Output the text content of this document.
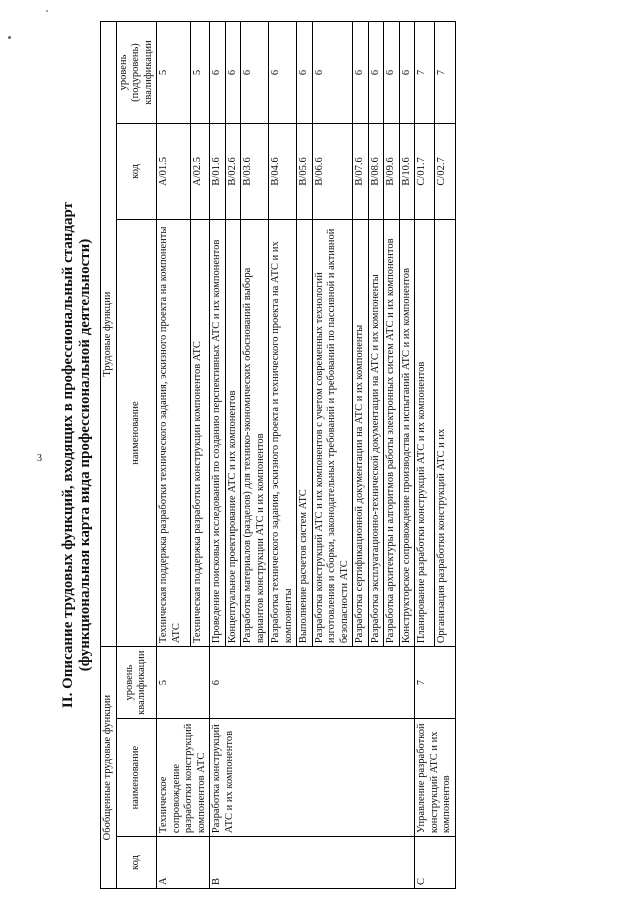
3 II. Описание трудовых функций, входящих в профессиональный стандарт (функциональная карта вида профессиональной деятельности)

Обобщенные трудовые функции			Трудовые функции		
код	наименование	уровень квалификации	наименование	код	уровень (подуровень) квалификации
A	Техническое сопровождение разработки конструкций компонентов АТС	5	Техническая поддержка разработки технического задания, эскизного проекта на компоненты АТС	A/01.5	5
			Техническая поддержка разработки конструкции компонентов АТС	A/02.5	5
B	Разработка конструкций АТС и их компонентов	6	Проведение поисковых исследований по созданию перспективных АТС и их компонентов	B/01.6	6
			Концептуальное проектирование АТС и их компонентов	B/02.6	6
			Разработка материалов (разделов) для технико-экономических обоснований выбора вариантов конструкции АТС и их компонентов	B/03.6	6
			Разработка технического задания, эскизного проекта и технического проекта на АТС и их компоненты	B/04.6	6
			Выполнение расчетов систем АТС	B/05.6	6
			Разработка конструкций АТС и их компонентов с учетом современных технологий изготовления и сборки, законодательных требований и требований по пассивной и активной безопасности АТС	B/06.6	6
			Разработка сертификационной документации на АТС и их компоненты	B/07.6	6
			Разработка эксплуатационно-технической документации на АТС и их компоненты	B/08.6	6
			Разработка архитектуры и алгоритмов работы электронных систем АТС и их компонентов	B/09.6	6
			Конструкторское сопровождение производства и испытаний АТС и их компонентов	B/10.6	6
C	Управление разработкой конструкций АТС и их компонентов	7	Планирование разработки конструкций АТС и их компонентов	C/01.7	7
			Организация разработки конструкций АТС и их	C/02.7	7
